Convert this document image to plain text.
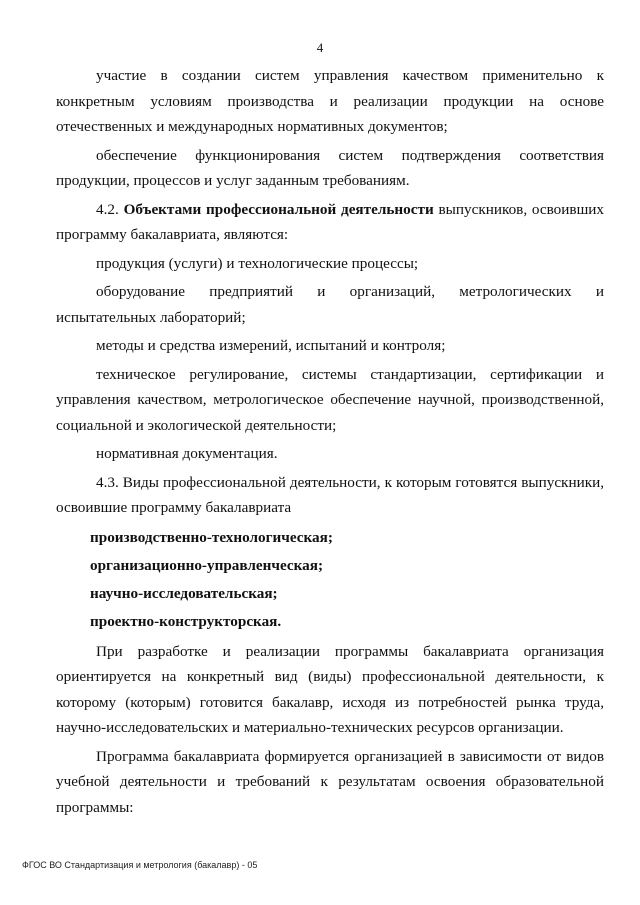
4

участие в создании систем управления качеством применительно к конкретным условиям производства и реализации продукции на основе отечественных и международных нормативных документов;

обеспечение функционирования систем подтверждения соответствия продукции, процессов и услуг заданным требованиям.

4.2. Объектами профессиональной деятельности выпускников, освоивших программу бакалавриата, являются:

продукция (услуги) и технологические процессы;

оборудование предприятий и организаций, метрологических и испытательных лабораторий;

методы и средства измерений, испытаний и контроля;

техническое регулирование, системы стандартизации, сертификации и управления качеством, метрологическое обеспечение научной, производственной, социальной и экологической деятельности;

нормативная документация.

4.3. Виды профессиональной деятельности, к которым готовятся выпускники, освоившие программу бакалавриата

производственно-технологическая;

организационно-управленческая;

научно-исследовательская;

проектно-конструкторская.

При разработке и реализации программы бакалавриата организация ориентируется на конкретный вид (виды) профессиональной деятельности, к которому (которым) готовится бакалавр, исходя из потребностей рынка труда, научно-исследовательских и материально-технических ресурсов организации.

Программа бакалавриата формируется организацией в зависимости от видов учебной деятельности и требований к результатам освоения образовательной программы:

ФГОС ВО Стандартизация и метрология (бакалавр) - 05
